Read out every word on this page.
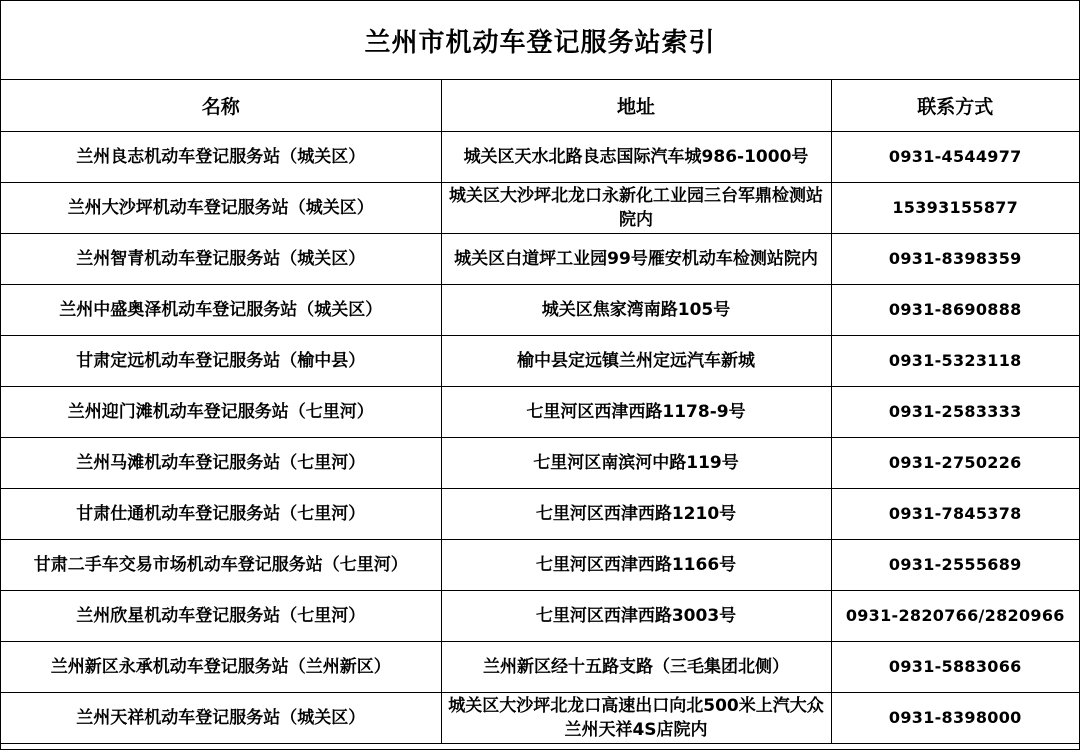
兰州市机动车登记服务站索引
名称	地址	联系方式
兰州良志机动车登记服务站（城关区）	城关区天水北路良志国际汽车城986-1000号	0931-4544977
兰州大沙坪机动车登记服务站（城关区）	城关区大沙坪北龙口永新化工业园三台军鼎检测站院内	15393155877
兰州智青机动车登记服务站（城关区）	城关区白道坪工业园99号雁安机动车检测站院内	0931-8398359
兰州中盛奥泽机动车登记服务站（城关区）	城关区焦家湾南路105号	0931-8690888
甘肃定远机动车登记服务站（榆中县）	榆中县定远镇兰州定远汽车新城	0931-5323118
兰州迎门滩机动车登记服务站（七里河）	七里河区西津西路1178-9号	0931-2583333
兰州马滩机动车登记服务站（七里河）	七里河区南滨河中路119号	0931-2750226
甘肃仕通机动车登记服务站（七里河）	七里河区西津西路1210号	0931-7845378
甘肃二手车交易市场机动车登记服务站（七里河）	七里河区西津西路1166号	0931-2555689
兰州欣星机动车登记服务站（七里河）	七里河区西津西路3003号	0931-2820766/2820966
兰州新区永承机动车登记服务站（兰州新区）	兰州新区经十五路支路（三毛集团北侧）	0931-5883066
兰州天祥机动车登记服务站（城关区）	城关区大沙坪北龙口高速出口向北500米上汽大众兰州天祥4S店院内	0931-8398000
